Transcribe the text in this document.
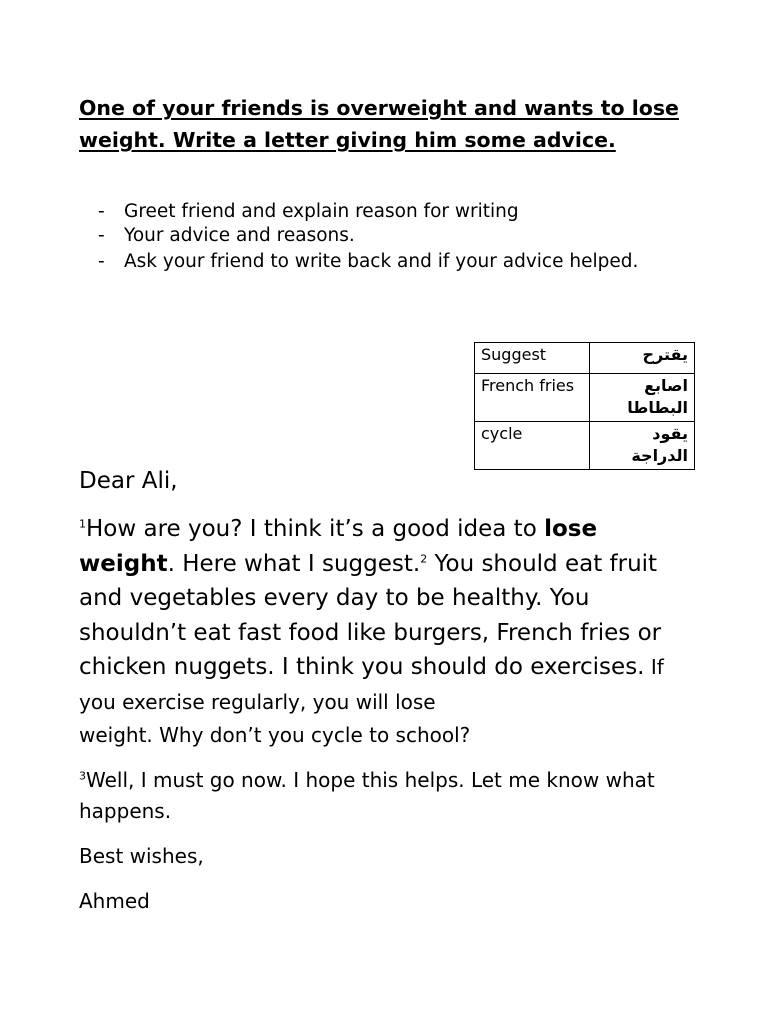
One of your friends is overweight and wants to lose weight. Write a letter giving him some advice.
- Greet friend and explain reason for writing
- Your advice and reasons.
- Ask your friend to write back and if your advice helped.
Suggest	يقترح
French fries	اصابع البطاطا
cycle	يقود الدراجة

Dear Ali,

$^1$How are you? I think it’s a good idea to lose weight. Here what I suggest.$^2$ You should eat fruit and vegetables every day to be healthy. You shouldn’t eat fast food like burgers, French fries or chicken nuggets. I think you should do exercises. If you exercise regularly, you will lose
weight. Why don’t you cycle to school?

$^3$Well, I must go now. I hope this helps. Let me know what happens.

Best wishes,

Ahmed
